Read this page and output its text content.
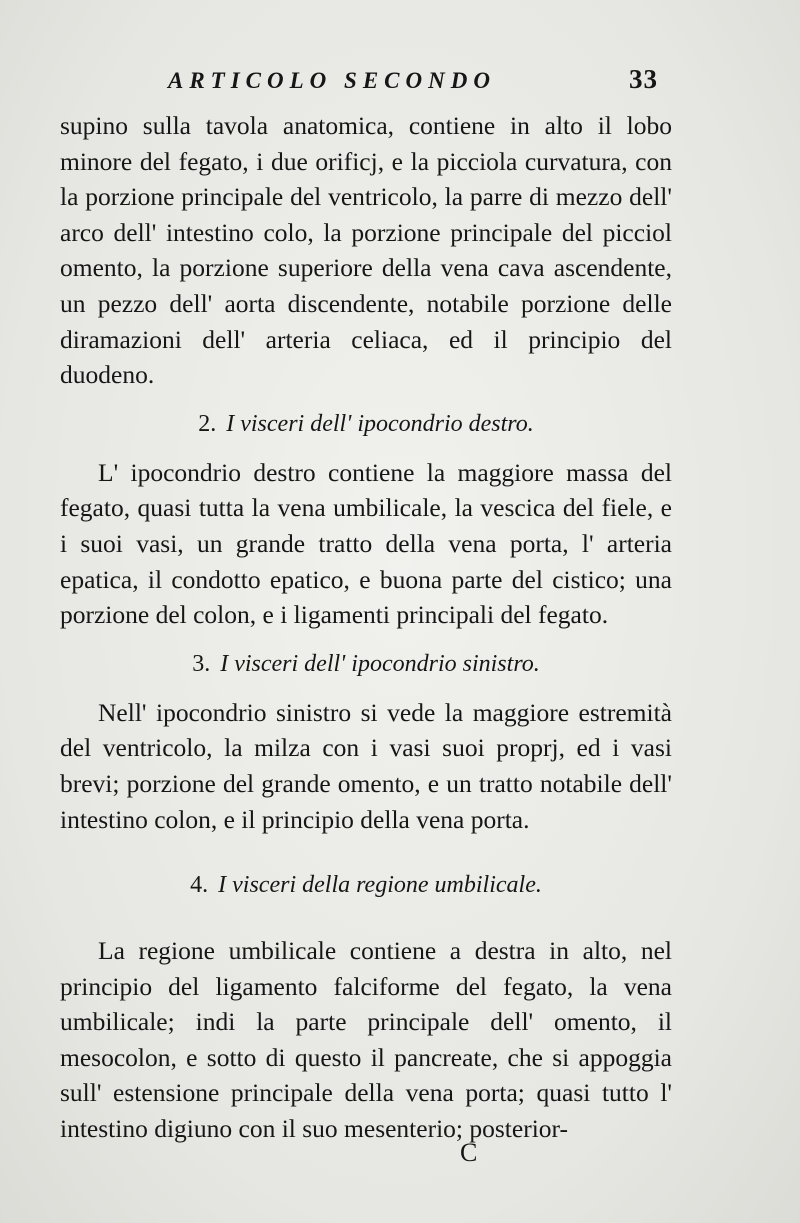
ARTICOLO SECONDO	33

supino sulla tavola anatomica, contiene in alto il lobo minore del fegato, i due orificj, e la picciola curvatura, con la porzione principale del ventricolo, la parre di mezzo dell' arco dell' intestino colo, la porzione principale del picciol omento, la porzione superiore della vena cava ascendente, un pezzo dell' aorta discendente, notabile porzione delle diramazioni dell' arteria celiaca, ed il principio del duodeno.

2. I visceri dell' ipocondrio destro.

L' ipocondrio destro contiene la maggiore massa del fegato, quasi tutta la vena umbilicale, la vescica del fiele, e i suoi vasi, un grande tratto della vena porta, l' arteria epatica, il condotto epatico, e buona parte del cistico; una porzione del colon, e i ligamenti principali del fegato.

3. I visceri dell' ipocondrio sinistro.

Nell' ipocondrio sinistro si vede la maggiore estremità del ventricolo, la milza con i vasi suoi proprj, ed i vasi brevi; porzione del grande omento, e un tratto notabile dell' intestino colon, e il principio della vena porta.

4. I visceri della regione umbilicale.

La regione umbilicale contiene a destra in alto, nel principio del ligamento falciforme del fegato, la vena umbilicale; indi la parte principale dell' omento, il mesocolon, e sotto di questo il pancreate, che si appoggia sull' estensione principale della vena porta; quasi tutto l' intestino digiuno con il suo mesenterio; posterior-

C
